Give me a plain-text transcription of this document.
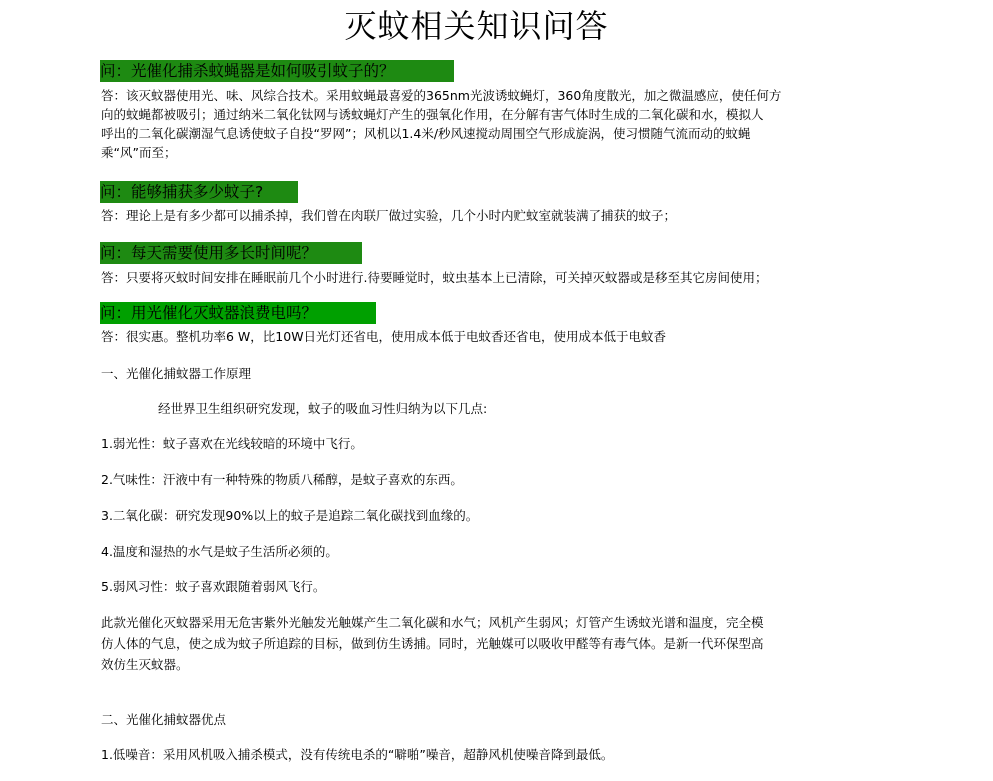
灭蚊相关知识问答
问：光催化捕杀蚊蝇器是如何吸引蚊子的？
答：该灭蚊器使用光、味、风综合技术。采用蚊蝇最喜爱的365nm光波诱蚊蝇灯，360角度散光，加之微温感应，使任何方
向的蚊蝇都被吸引；通过纳米二氧化钛网与诱蚊蝇灯产生的强氧化作用，在分解有害气体时生成的二氧化碳和水，模拟人
呼出的二氧化碳潮湿气息诱使蚊子自投“罗网”；风机以1.4米/秒风速搅动周围空气形成旋涡，使习惯随气流而动的蚊蝇
乘“风”而至；
问：能够捕获多少蚊子?
答：理论上是有多少都可以捕杀掉，我们曾在肉联厂做过实验，几个小时内贮蚊室就装满了捕获的蚊子；
问：每天需要使用多长时间呢？
答：只要将灭蚊时间安排在睡眠前几个小时进行.待要睡觉时，蚊虫基本上已清除，可关掉灭蚊器或是移至其它房间使用；
问：用光催化灭蚊器浪费电吗？
答：很实惠。整机功率6 W，比10W日光灯还省电，使用成本低于电蚊香还省电，使用成本低于电蚊香
一、光催化捕蚊器工作原理
经世界卫生组织研究发现，蚊子的吸血习性归纳为以下几点:
1.弱光性：蚊子喜欢在光线较暗的环境中飞行。
2.气味性：汗液中有一种特殊的物质八稀醇，是蚊子喜欢的东西。
3.二氧化碳：研究发现90%以上的蚊子是追踪二氧化碳找到血缘的。
4.温度和湿热的水气是蚊子生活所必须的。
5.弱风习性：蚊子喜欢跟随着弱风飞行。
此款光催化灭蚊器采用无危害紫外光触发光触媒产生二氧化碳和水气；风机产生弱风；灯管产生诱蚊光谱和温度，完全模
仿人体的气息，使之成为蚊子所追踪的目标，做到仿生诱捕。同时，光触媒可以吸收甲醛等有毒气体。是新一代环保型高
效仿生灭蚊器。
二、光催化捕蚊器优点
1.低噪音：采用风机吸入捕杀模式，没有传统电杀的“噼啪”噪音，超静风机使噪音降到最低。
